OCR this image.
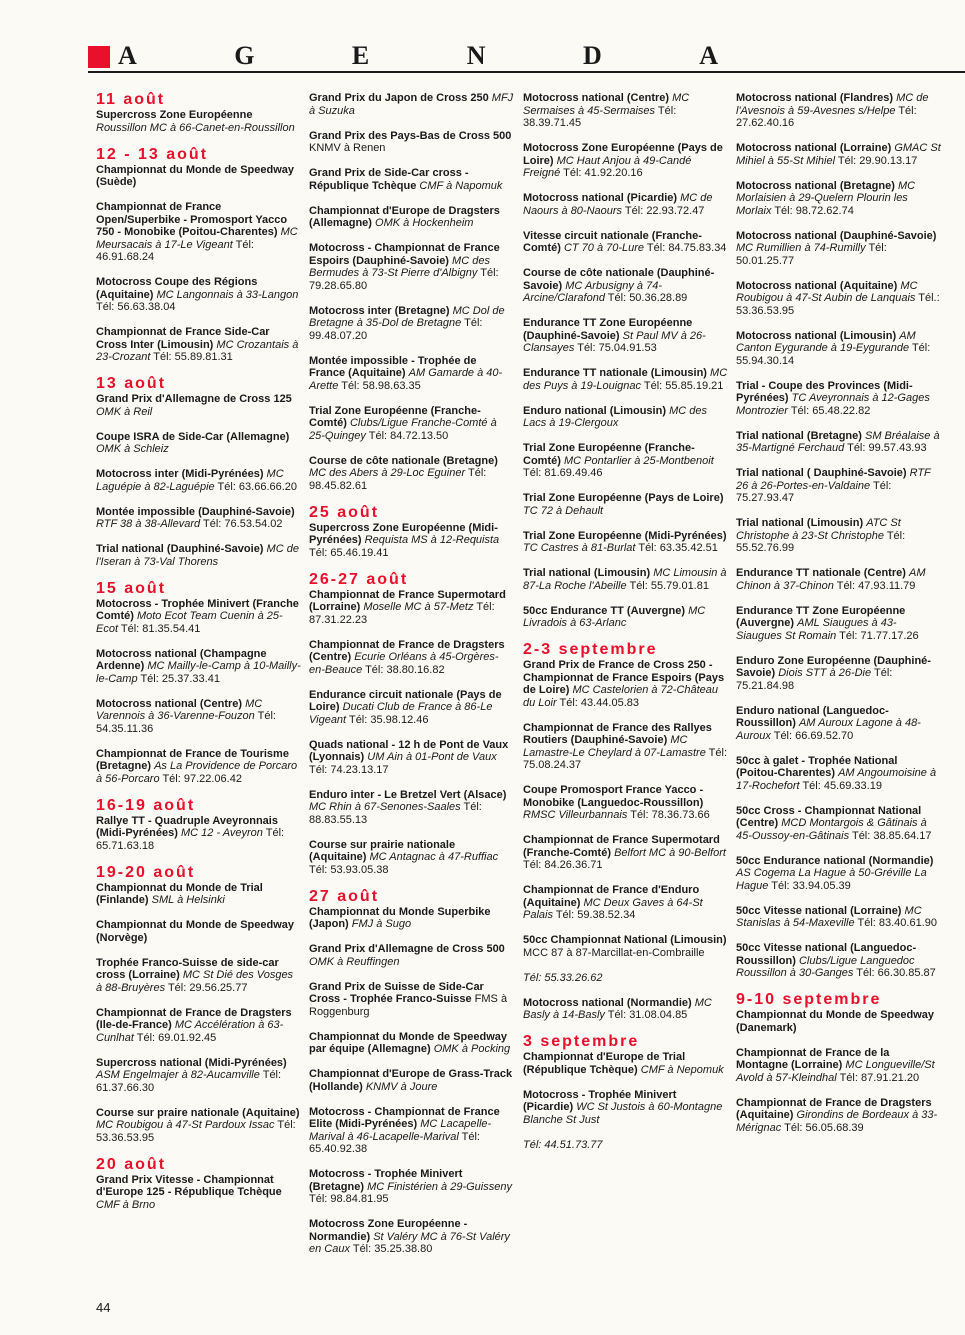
A	G	E	N	D	A
11 août
Supercross Zone Européenne Roussillon MC à 66-Canet-en-Roussillon
12 - 13 août
Championnat du Monde de Speedway (Suède)
Championnat de France Open/Superbike - Promosport Yacco 750 - Monobike (Poitou-Charentes) MC Meursacais à 17-Le Vigeant Tél: 46.91.68.24
Motocross Coupe des Régions (Aquitaine) MC Langonnais à 33-Langon Tél: 56.63.38.04
Championnat de France Side-Car Cross Inter (Limousin) MC Crozantais à 23-Crozant Tél: 55.89.81.31
13 août
Grand Prix d'Allemagne de Cross 125 OMK à Reil
Coupe ISRA de Side-Car (Allemagne) OMK à Schleiz
Motocross inter (Midi-Pyrénées) MC Laguépie à 82-Laguépie Tél: 63.66.66.20
Montée impossible (Dauphiné-Savoie) RTF 38 à 38-Allevard Tél: 76.53.54.02
Trial national (Dauphiné-Savoie) MC de l'Iseran à 73-Val Thorens
15 août
Motocross - Trophée Minivert (Franche Comté) Moto Ecot Team Cuenin à 25-Ecot Tél: 81.35.54.41
Motocross national (Champagne Ardenne) MC Mailly-le-Camp à 10-Mailly-le-Camp Tél: 25.37.33.41
Motocross national (Centre) MC Varennois à 36-Varenne-Fouzon Tél: 54.35.11.36
Championnat de France de Tourisme (Bretagne) As La Providence de Porcaro à 56-Porcaro Tél: 97.22.06.42
16-19 août
Rallye TT - Quadruple Aveyronnais (Midi-Pyrénées) MC 12 - Aveyron Tél: 65.71.63.18
19-20 août
Championnat du Monde de Trial (Finlande) SML à Helsinki
Championnat du Monde de Speedway (Norvège)
Trophée Franco-Suisse de side-car cross (Lorraine) MC St Dié des Vosges à 88-Bruyères Tél: 29.56.25.77
Championnat de France de Dragsters (Ile-de-France) MC Accélération à 63-Cunlhat Tél: 69.01.92.45
Supercross national (Midi-Pyrénées) ASM Engelmajer à 82-Aucamville Tél: 61.37.66.30
Course sur praire nationale (Aquitaine) MC Roubigou à 47-St Pardoux Issac Tél: 53.36.53.95
20 août
Grand Prix Vitesse - Championnat d'Europe 125 - République Tchèque CMF à Brno
Grand Prix du Japon de Cross 250 MFJ à Suzuka
Grand Prix des Pays-Bas de Cross 500 KNMV à Renen
Grand Prix de Side-Car cross - République Tchèque CMF à Napomuk
Championnat d'Europe de Dragsters (Allemagne) OMK à Hockenheim
Motocross - Championnat de France Espoirs (Dauphiné-Savoie) MC des Bermudes à 73-St Pierre d'Albigny Tél: 79.28.65.80
Motocross inter (Bretagne) MC Dol de Bretagne à 35-Dol de Bretagne Tél: 99.48.07.20
Montée impossible - Trophée de France (Aquitaine) AM Gamarde à 40-Arette Tél: 58.98.63.35
Trial Zone Européenne (Franche-Comté) Clubs/Ligue Franche-Comté à 25-Quingey Tél: 84.72.13.50
Course de côte nationale (Bretagne) MC des Abers à 29-Loc Eguiner Tél: 98.45.82.61
25 août
Supercross Zone Européenne (Midi-Pyrénées) Requista MS à 12-Requista Tél: 65.46.19.41
26-27 août
Championnat de France Supermotard (Lorraine) Moselle MC à 57-Metz Tél: 87.31.22.23
Championnat de France de Dragsters (Centre) Ecurie Orléans à 45-Orgères-en-Beauce Tél: 38.80.16.82
Endurance circuit nationale (Pays de Loire) Ducati Club de France à 86-Le Vigeant Tél: 35.98.12.46
Quads national - 12 h de Pont de Vaux (Lyonnais) UM Ain à 01-Pont de Vaux Tél: 74.23.13.17
Enduro inter - Le Bretzel Vert (Alsace) MC Rhin à 67-Senones-Saales Tél: 88.83.55.13
Course sur prairie nationale (Aquitaine) MC Antagnac à 47-Ruffiac Tél: 53.93.05.38
27 août
Championnat du Monde Superbike (Japon) FMJ à Sugo
Grand Prix d'Allemagne de Cross 500 OMK à Reuffingen
Grand Prix de Suisse de Side-Car Cross - Trophée Franco-Suisse FMS à Roggenburg
Championnat du Monde de Speedway par équipe (Allemagne) OMK à Pocking
Championnat d'Europe de Grass-Track (Hollande) KNMV à Joure
Motocross - Championnat de France Elite (Midi-Pyrénées) MC Lacapelle-Marival à 46-Lacapelle-Marival Tél: 65.40.92.38
Motocross - Trophée Minivert (Bretagne) MC Finistérien à 29-Guisseny Tél: 98.84.81.95
Motocross Zone Européenne - Normandie) St Valéry MC à 76-St Valéry en Caux Tél: 35.25.38.80
Motocross national (Centre) MC Sermaises à 45-Sermaises Tél: 38.39.71.45
Motocross Zone Européenne (Pays de Loire) MC Haut Anjou à 49-Candé Freigné Tél: 41.92.20.16
Motocross national (Picardie) MC de Naours à 80-Naours Tél: 22.93.72.47
Vitesse circuit nationale (Franche-Comté) CT 70 à 70-Lure Tél: 84.75.83.34
Course de côte nationale (Dauphiné-Savoie) MC Arbusigny à 74-Arcine/Clarafond Tél: 50.36.28.89
Endurance TT Zone Européenne (Dauphiné-Savoie) St Paul MV à 26-Clansayes Tél: 75.04.91.53
Endurance TT nationale (Limousin) MC des Puys à 19-Louignac Tél: 55.85.19.21
Enduro national (Limousin) MC des Lacs à 19-Clergoux
Trial Zone Européenne (Franche-Comté) MC Pontarlier à 25-Montbenoit Tél: 81.69.49.46
Trial Zone Européenne (Pays de Loire) TC 72 à Dehault
Trial Zone Européenne (Midi-Pyrénées) TC Castres à 81-Burlat Tél: 63.35.42.51
Trial national (Limousin) MC Limousin à 87-La Roche l'Abeille Tél: 55.79.01.81
50cc Endurance TT (Auvergne) MC Livradois à 63-Arlanc
2-3 septembre
Grand Prix de France de Cross 250 - Championnat de France Espoirs (Pays de Loire) MC Castelorien à 72-Château du Loir Tél: 43.44.05.83
Championnat de France des Rallyes Routiers (Dauphiné-Savoie) MC Lamastre-Le Cheylard à 07-Lamastre Tél: 75.08.24.37
Coupe Promosport France Yacco - Monobike (Languedoc-Roussillon) RMSC Villeurbannais Tél: 78.36.73.66
Championnat de France Supermotard (Franche-Comté) Belfort MC à 90-Belfort Tél: 84.26.36.71
Championnat de France d'Enduro (Aquitaine) MC Deux Gaves à 64-St Palais Tél: 59.38.52.34
50cc Championnat National (Limousin) MCC 87 à 87-Marcillat-en-Combraille
Tél: 55.33.26.62
Motocross national (Normandie) MC Basly à 14-Basly Tél: 31.08.04.85
3 septembre
Championnat d'Europe de Trial (République Tchèque) CMF à Nepomuk
Motocross - Trophée Minivert (Picardie) WC St Justois à 60-Montagne Blanche St Just
Tél: 44.51.73.77
Motocross national (Flandres) MC de l'Avesnois à 59-Avesnes s/Helpe Tél: 27.62.40.16
Motocross national (Lorraine) GMAC St Mihiel à 55-St Mihiel Tél: 29.90.13.17
Motocross national (Bretagne) MC Morlaisien à 29-Quelern Plourin les Morlaix Tél: 98.72.62.74
Motocross national (Dauphiné-Savoie) MC Rumillien à 74-Rumilly Tél: 50.01.25.77
Motocross national (Aquitaine) MC Roubigou à 47-St Aubin de Lanquais Tél.: 53.36.53.95
Motocross national (Limousin) AM Canton Eygurande à 19-Eygurande Tél: 55.94.30.14
Trial - Coupe des Provinces (Midi-Pyrénées) TC Aveyronnais à 12-Gages Montrozier Tél: 65.48.22.82
Trial national (Bretagne) SM Bréalaise à 35-Martigné Ferchaud Tél: 99.57.43.93
Trial national ( Dauphiné-Savoie) RTF 26 à 26-Portes-en-Valdaine Tél: 75.27.93.47
Trial national (Limousin) ATC St Christophe à 23-St Christophe Tél: 55.52.76.99
Endurance TT nationale (Centre) AM Chinon à 37-Chinon Tél: 47.93.11.79
Endurance TT Zone Européenne (Auvergne) AML Siaugues à 43-Siaugues St Romain Tél: 71.77.17.26
Enduro Zone Européenne (Dauphiné-Savoie) Diois STT à 26-Die Tél: 75.21.84.98
Enduro national (Languedoc-Roussillon) AM Auroux Lagone à 48-Auroux Tél: 66.69.52.70
50cc à galet - Trophée National (Poitou-Charentes) AM Angoumoisine à 17-Rochefort Tél: 45.69.33.19
50cc Cross - Championnat National (Centre) MCD Montargois & Gâtinais à 45-Oussoy-en-Gâtinais Tél: 38.85.64.17
50cc Endurance national (Normandie) AS Cogema La Hague à 50-Gréville La Hague Tél: 33.94.05.39
50cc Vitesse national (Lorraine) MC Stanislas à 54-Maxeville Tél: 83.40.61.90
50cc Vitesse national (Languedoc-Roussillon) Clubs/Ligue Languedoc Roussillon à 30-Ganges Tél: 66.30.85.87
9-10 septembre
Championnat du Monde de Speedway (Danemark)
Championnat de France de la Montagne (Lorraine) MC Longueville/St Avold à 57-Kleindhal Tél: 87.91.21.20
Championnat de France de Dragsters (Aquitaine) Girondins de Bordeaux à 33-Mérignac Tél: 56.05.68.39
44
